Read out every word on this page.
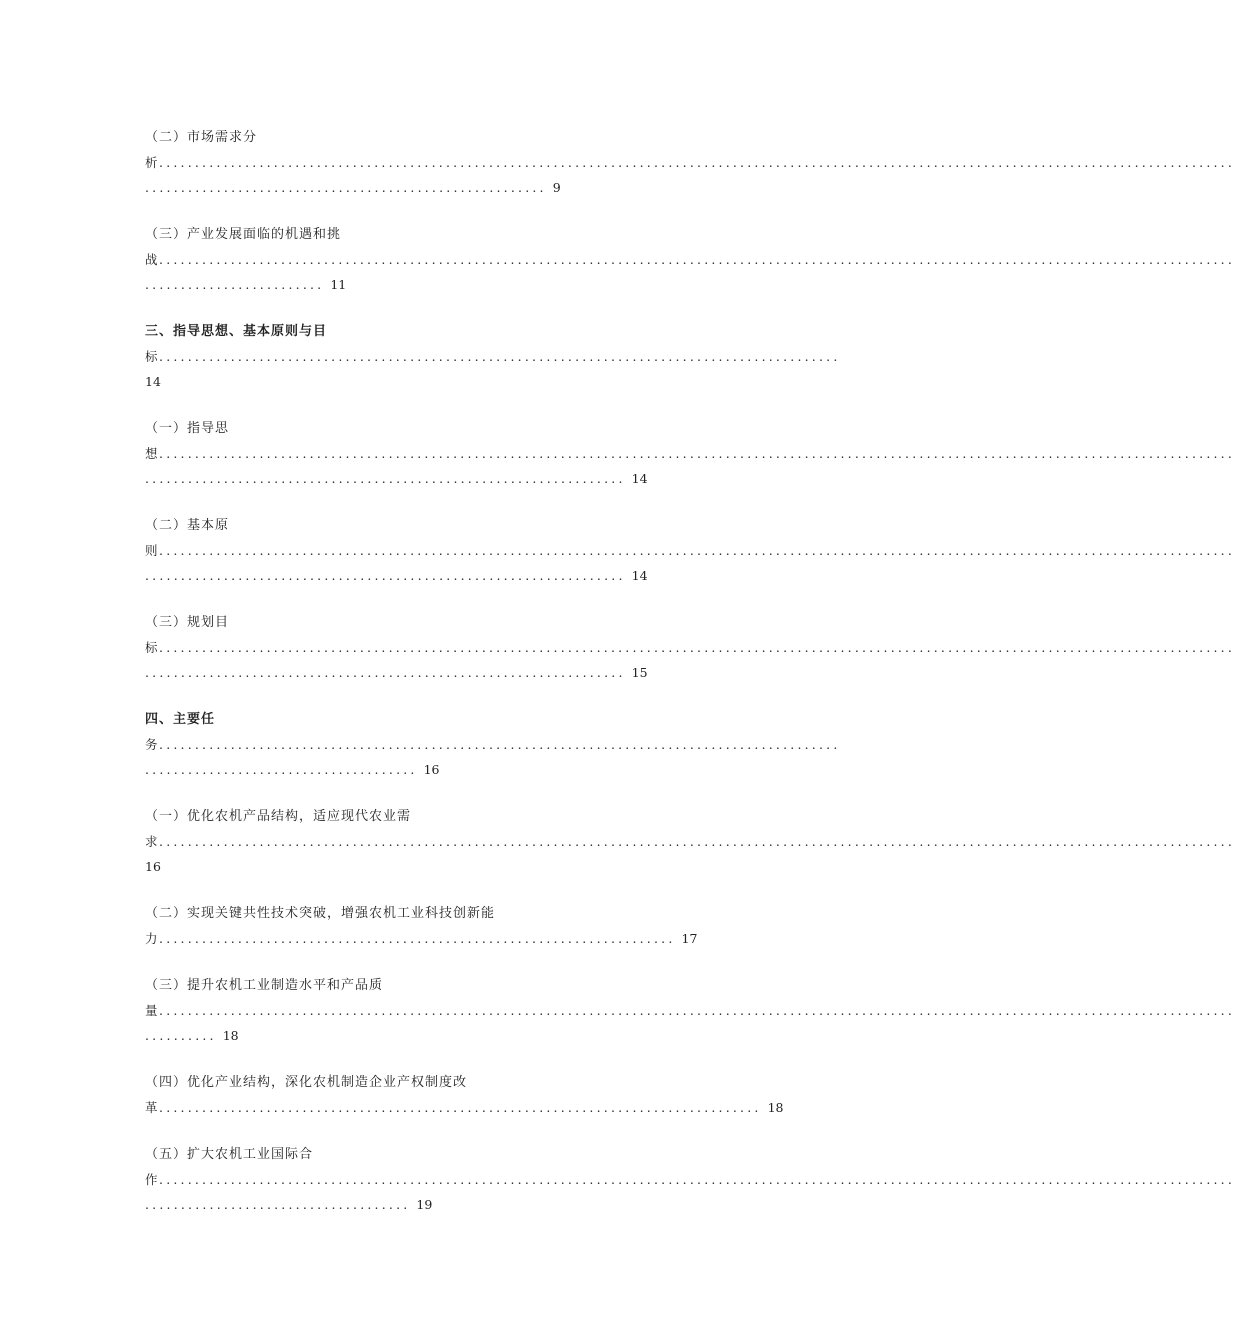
（二）市场需求分
析......................................................................................................................................................
........................................................ 9
（三）产业发展面临的机遇和挑
战......................................................................................................................................................
......................... 11
三、指导思想、基本原则与目
标...............................................................................................
14
（一）指导思
想......................................................................................................................................................
................................................................... 14
（二）基本原
则......................................................................................................................................................
................................................................... 14
（三）规划目
标......................................................................................................................................................
................................................................... 15
四、主要任
务...............................................................................................
...................................... 16
（一）优化农机产品结构，适应现代农业需
求......................................................................................................................................................
16
（二）实现关键共性技术突破，增强农机工业科技创新能
力........................................................................ 17
（三）提升农机工业制造水平和产品质
量......................................................................................................................................................
.......... 18
（四）优化产业结构，深化农机制造企业产权制度改
革.................................................................................... 18
（五）扩大农机工业国际合
作......................................................................................................................................................
..................................... 19
